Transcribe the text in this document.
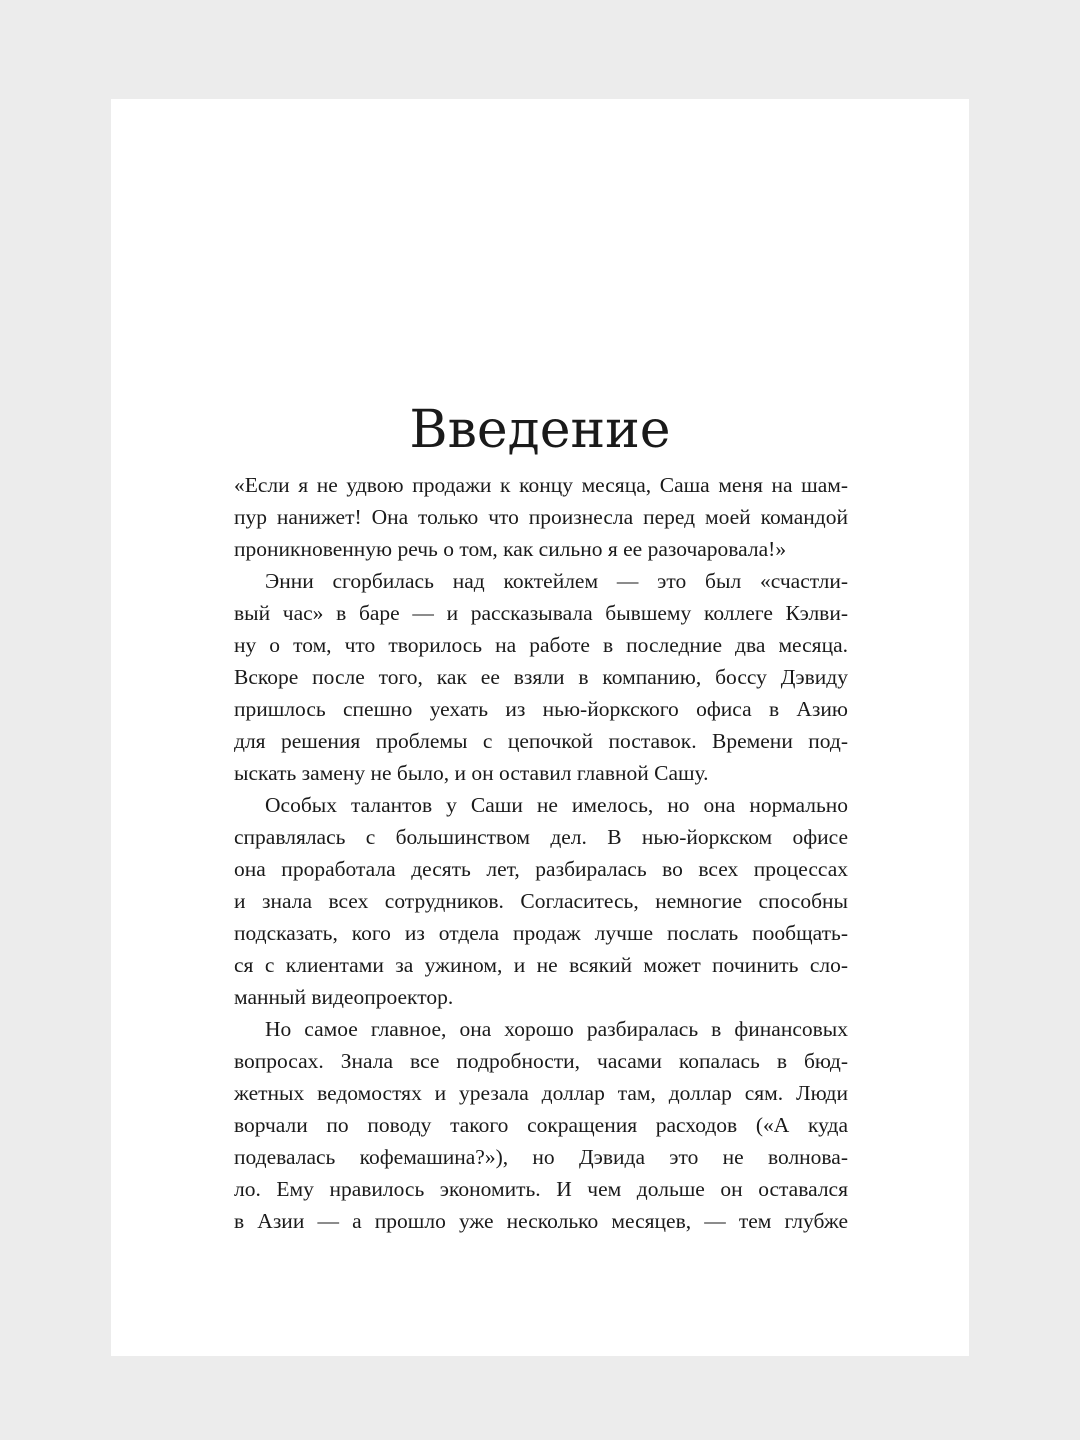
Введение
«Если я не удвою продажи к концу месяца, Саша меня на шам-
пур нанижет! Она только что произнесла перед моей командой
проникновенную речь о том, как сильно я ее разочаровала!»
Энни сгорбилась над коктейлем — это был «счастли-
вый час» в баре — и рассказывала бывшему коллеге Кэлви-
ну о том, что творилось на работе в последние два месяца.
Вскоре после того, как ее взяли в компанию, боссу Дэвиду
пришлось спешно уехать из нью-йоркского офиса в Азию
для решения проблемы с цепочкой поставок. Времени под-
ыскать замену не было, и он оставил главной Сашу.
Особых талантов у Саши не имелось, но она нормально
справлялась с большинством дел. В нью-йоркском офисе
она проработала десять лет, разбиралась во всех процессах
и знала всех сотрудников. Согласитесь, немногие способны
подсказать, кого из отдела продаж лучше послать пообщать-
ся с клиентами за ужином, и не всякий может починить сло-
манный видеопроектор.
Но самое главное, она хорошо разбиралась в финансовых
вопросах. Знала все подробности, часами копалась в бюд-
жетных ведомостях и урезала доллар там, доллар сям. Люди
ворчали по поводу такого сокращения расходов («А куда
подевалась кофемашина?»), но Дэвида это не волнова-
ло. Ему нравилось экономить. И чем дольше он оставался
в Азии — а прошло уже несколько месяцев, — тем глубже
